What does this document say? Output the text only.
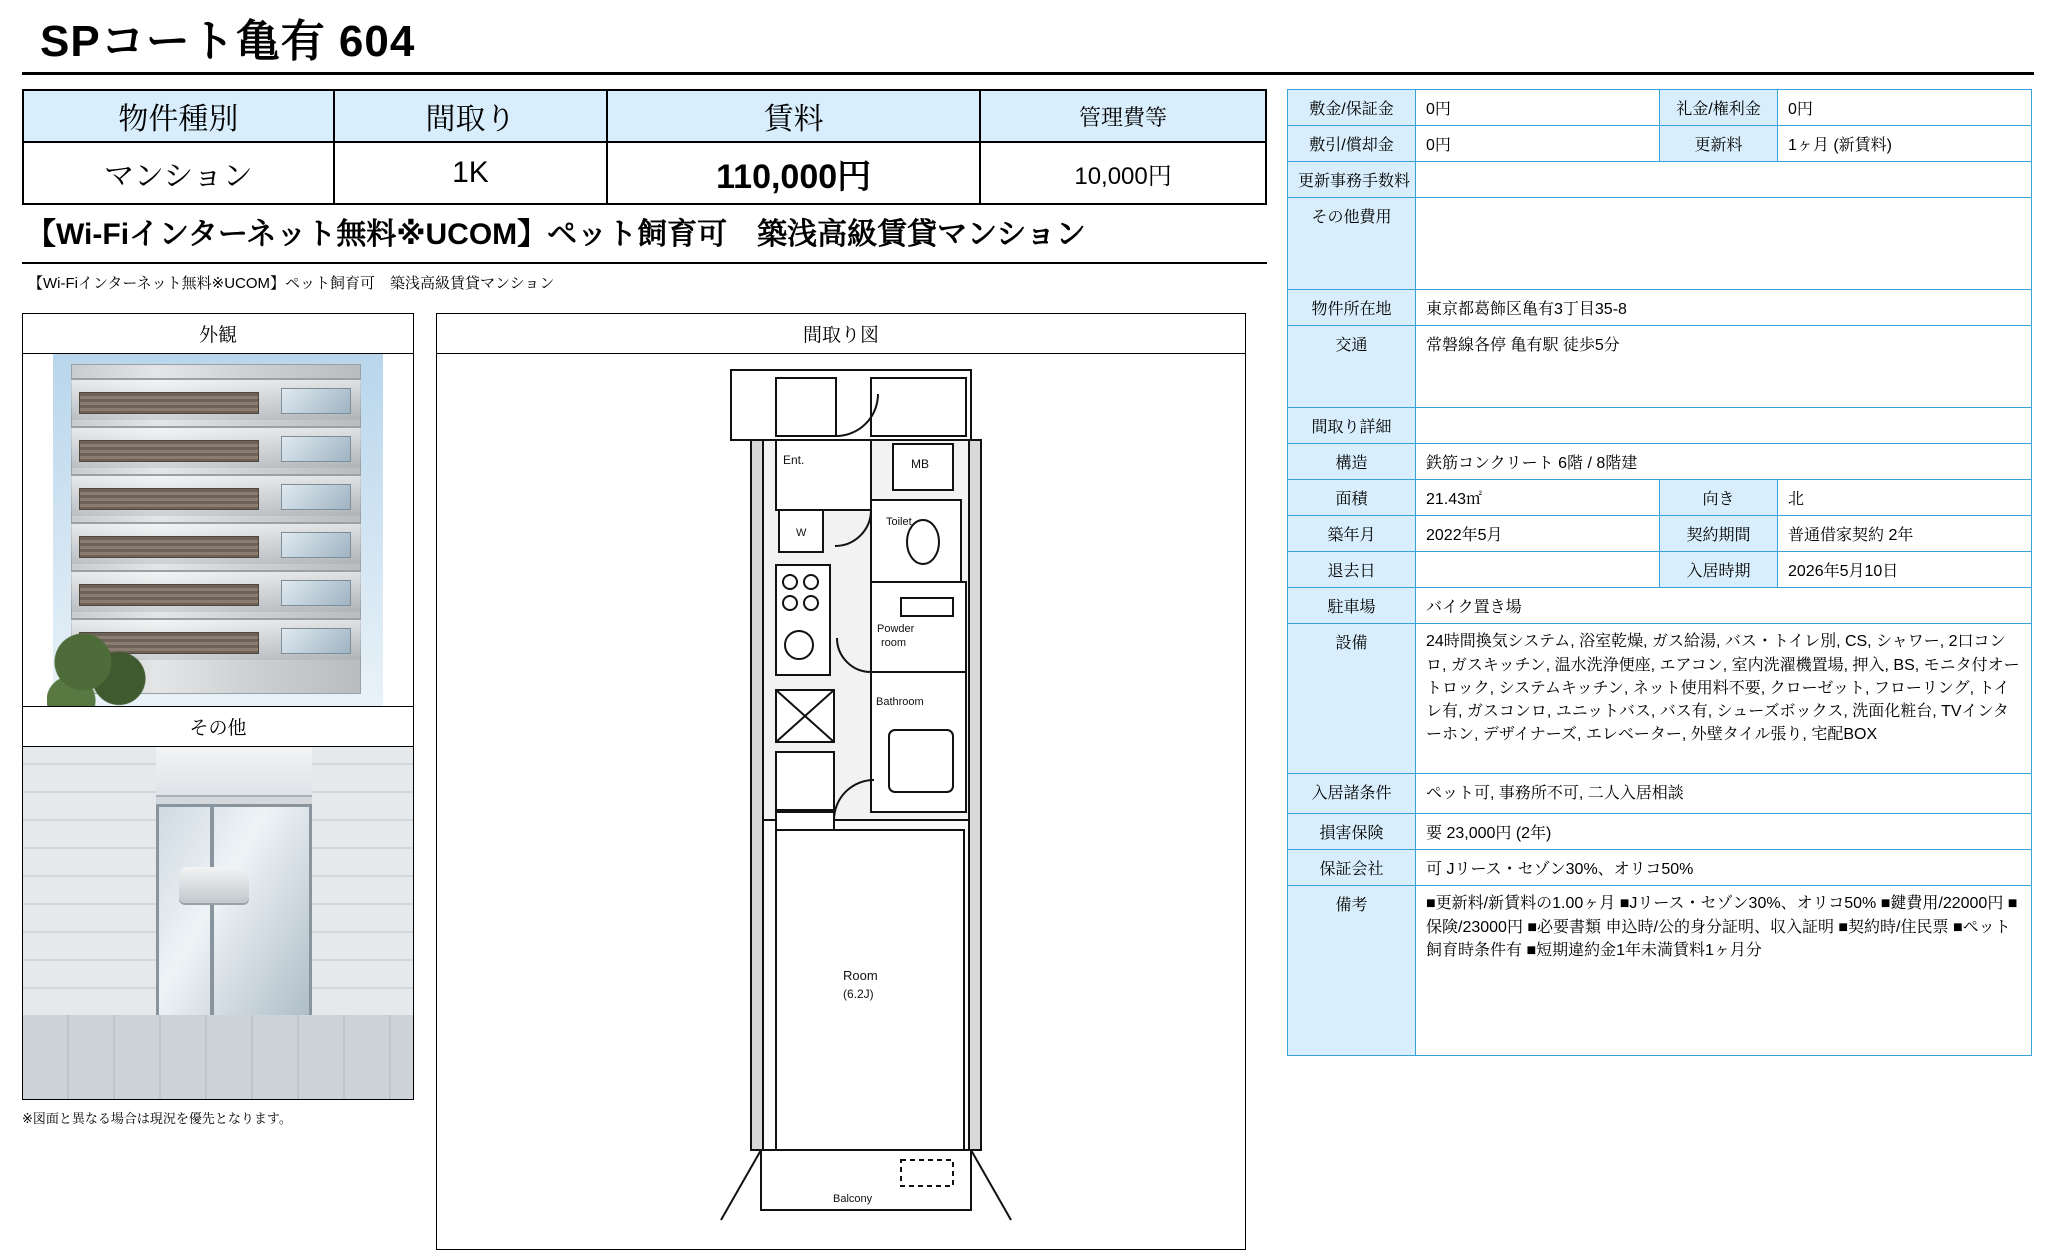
SPコート亀有 604
物件種別	間取り	賃料	管理費等
マンション	1K	110,000円	10,000円
【Wi-Fiインターネット無料※UCOM】ペット飼育可　築浅高級賃貸マンション
【Wi-Fiインターネット無料※UCOM】ペット飼育可　築浅高級賃貸マンション
外観
その他
※図面と異なる場合は現況を優先となります。
間取り図
Ent.	MB
W
Toilet
Powder
room
Bathroom
Room
(6.2J)
Balcony
敷金/保証金	0円	礼金/権利金	0円
敷引/償却金	0円	更新料	1ヶ月 (新賃料)
更新事務手数料			
その他費用			
物件所在地	東京都葛飾区亀有3丁目35-8		
交通	常磐線各停 亀有駅 徒歩5分		
間取り詳細			
構造	鉄筋コンクリート 6階 / 8階建		
面積	21.43㎡	向き	北
築年月	2022年5月	契約期間	普通借家契約 2年
退去日		入居時期	2026年5月10日
駐車場	バイク置き場		
設備	24時間換気システム, 浴室乾燥, ガス給湯, バス・トイレ別, CS, シャワー, 2口コンロ, ガスキッチン, 温水洗浄便座, エアコン, 室内洗濯機置場, 押入, BS, モニタ付オートロック, システムキッチン, ネット使用料不要, クローゼット, フローリング, トイレ有, ガスコンロ, ユニットバス, バス有, シューズボックス, 洗面化粧台, TVインターホン, デザイナーズ, エレベーター, 外壁タイル張り, 宅配BOX		
入居諸条件	ペット可, 事務所不可, 二人入居相談		
損害保険	要 23,000円 (2年)		
保証会社	可 Jリース・セゾン30%、オリコ50%		
備考	■更新料/新賃料の1.00ヶ月 ■Jリース・セゾン30%、オリコ50% ■鍵費用/22000円 ■保険/23000円 ■必要書類 申込時/公的身分証明、収入証明 ■契約時/住民票 ■ペット飼育時条件有 ■短期違約金1年未満賃料1ヶ月分		
